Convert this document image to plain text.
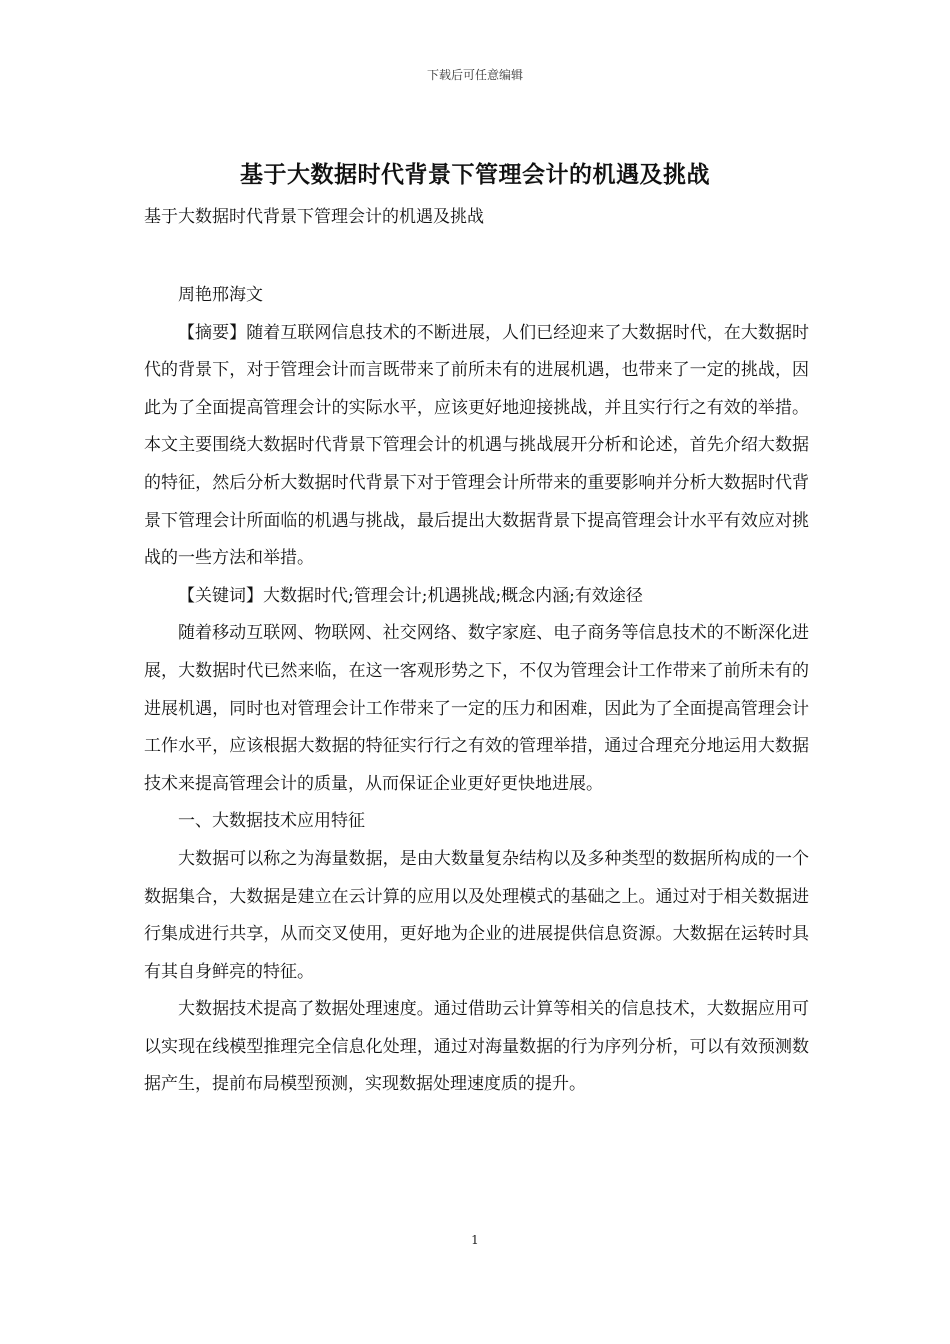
下载后可任意编辑
基于大数据时代背景下管理会计的机遇及挑战
基于大数据时代背景下管理会计的机遇及挑战

周艳邢海文

【摘要】随着互联网信息技术的不断进展，人们已经迎来了大数据时代，在大数据时代的背景下，对于管理会计而言既带来了前所未有的进展机遇，也带来了一定的挑战，因此为了全面提高管理会计的实际水平，应该更好地迎接挑战，并且实行行之有效的举措。本文主要围绕大数据时代背景下管理会计的机遇与挑战展开分析和论述，首先介绍大数据的特征，然后分析大数据时代背景下对于管理会计所带来的重要影响并分析大数据时代背景下管理会计所面临的机遇与挑战，最后提出大数据背景下提高管理会计水平有效应对挑战的一些方法和举措。

【关键词】大数据时代;管理会计;机遇挑战;概念内涵;有效途径

随着移动互联网、物联网、社交网络、数字家庭、电子商务等信息技术的不断深化进展，大数据时代已然来临，在这一客观形势之下，不仅为管理会计工作带来了前所未有的进展机遇，同时也对管理会计工作带来了一定的压力和困难，因此为了全面提高管理会计工作水平，应该根据大数据的特征实行行之有效的管理举措，通过合理充分地运用大数据技术来提高管理会计的质量，从而保证企业更好更快地进展。

一、大数据技术应用特征

大数据可以称之为海量数据，是由大数量复杂结构以及多种类型的数据所构成的一个数据集合，大数据是建立在云计算的应用以及处理模式的基础之上。通过对于相关数据进行集成进行共享，从而交叉使用，更好地为企业的进展提供信息资源。大数据在运转时具有其自身鲜亮的特征。

大数据技术提高了数据处理速度。通过借助云计算等相关的信息技术，大数据应用可以实现在线模型推理完全信息化处理，通过对海量数据的行为序列分析，可以有效预测数据产生，提前布局模型预测，实现数据处理速度质的提升。

1
